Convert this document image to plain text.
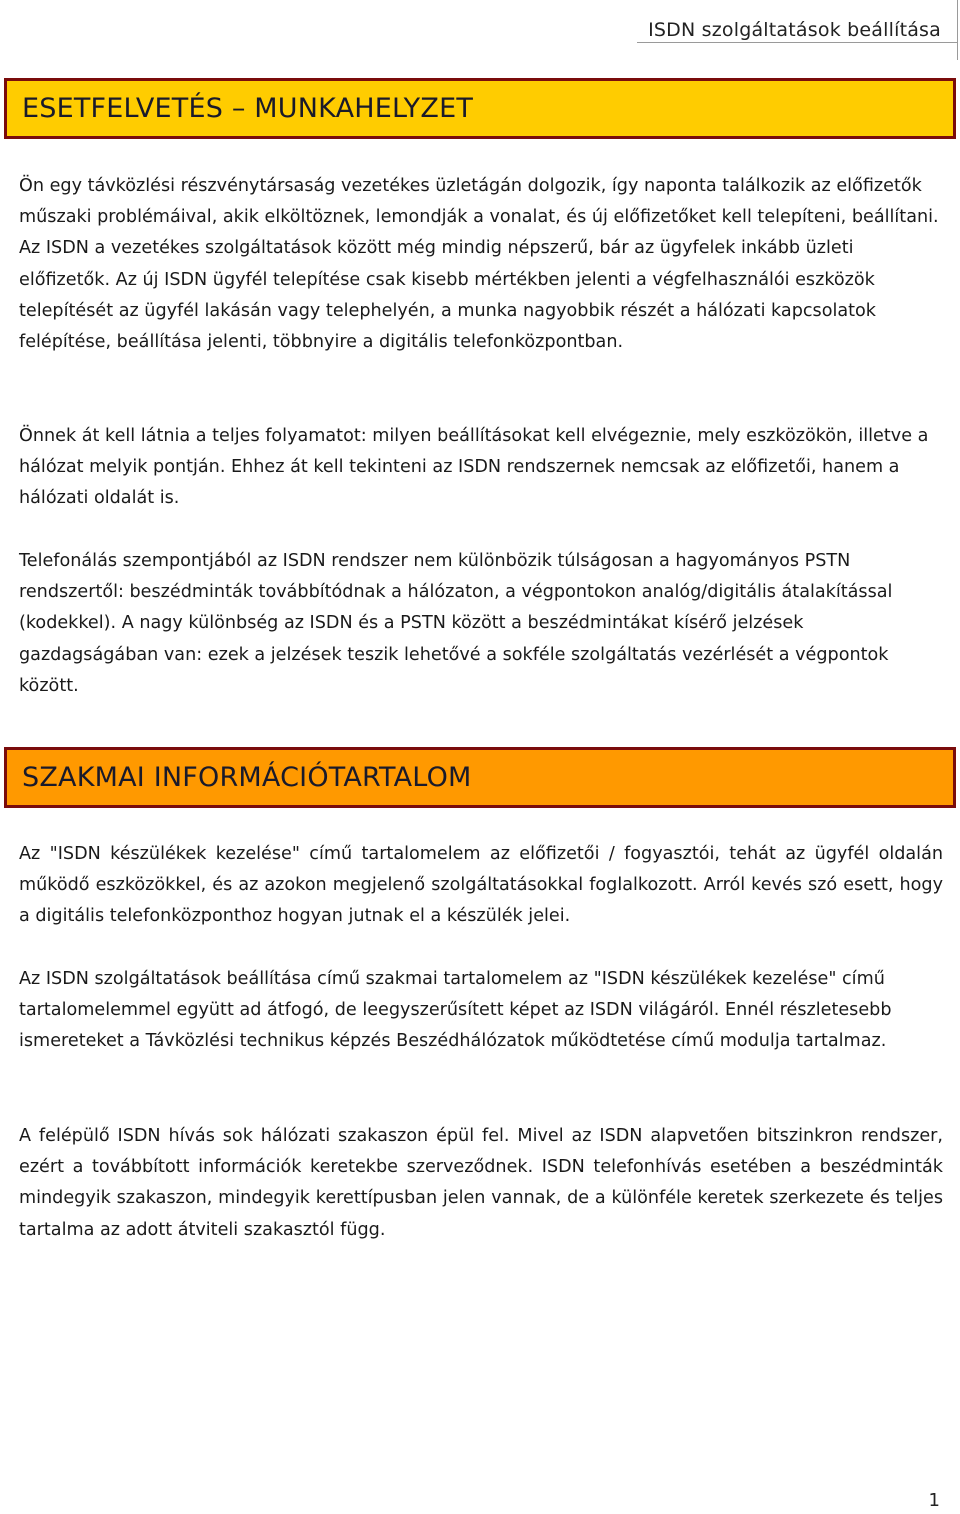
ISDN szolgáltatások beállítása
ESETFELVETÉS – MUNKAHELYZET

Ön egy távközlési részvénytársaság vezetékes üzletágán dolgozik, így naponta találkozik az előfizetők műszaki problémáival, akik elköltöznek, lemondják a vonalat, és új előfizetőket kell telepíteni, beállítani. Az ISDN a vezetékes szolgáltatások között még mindig népszerű, bár az ügyfelek inkább üzleti előfizetők. Az új ISDN ügyfél telepítése csak kisebb mértékben jelenti a végfelhasználói eszközök telepítését az ügyfél lakásán vagy telephelyén, a munka nagyobbik részét a hálózati kapcsolatok felépítése, beállítása jelenti, többnyire a digitális telefonközpontban.

Önnek át kell látnia a teljes folyamatot: milyen beállításokat kell elvégeznie, mely eszközökön, illetve a hálózat melyik pontján. Ehhez át kell tekinteni az ISDN rendszernek nemcsak az előfizetői, hanem a hálózati oldalát is.

Telefonálás szempontjából az ISDN rendszer nem különbözik túlságosan a hagyományos PSTN rendszertől: beszédminták továbbítódnak a hálózaton, a végpontokon analóg/digitális átalakítással (kodekkel). A nagy különbség az ISDN és a PSTN között a beszédmintákat kísérő jelzések gazdagságában van: ezek a jelzések teszik lehetővé a sokféle szolgáltatás vezérlését a végpontok között.

SZAKMAI INFORMÁCIÓTARTALOM

Az "ISDN készülékek kezelése" című tartalomelem az előfizetői / fogyasztói, tehát az ügyfél oldalán működő eszközökkel, és az azokon megjelenő szolgáltatásokkal foglalkozott. Arról kevés szó esett, hogy a digitális telefonközponthoz hogyan jutnak el a készülék jelei.

Az ISDN szolgáltatások beállítása című szakmai tartalomelem az "ISDN készülékek kezelése" című tartalomelemmel együtt ad átfogó, de leegyszerűsített képet az ISDN világáról. Ennél részletesebb ismereteket a Távközlési technikus képzés Beszédhálózatok működtetése című modulja tartalmaz.

A felépülő ISDN hívás sok hálózati szakaszon épül fel. Mivel az ISDN alapvetően bitszinkron rendszer, ezért a továbbított információk keretekbe szerveződnek. ISDN telefonhívás esetében a beszédminták mindegyik szakaszon, mindegyik kerettípusban jelen vannak, de a különféle keretek szerkezete és teljes tartalma az adott átviteli szakasztól függ.

1
